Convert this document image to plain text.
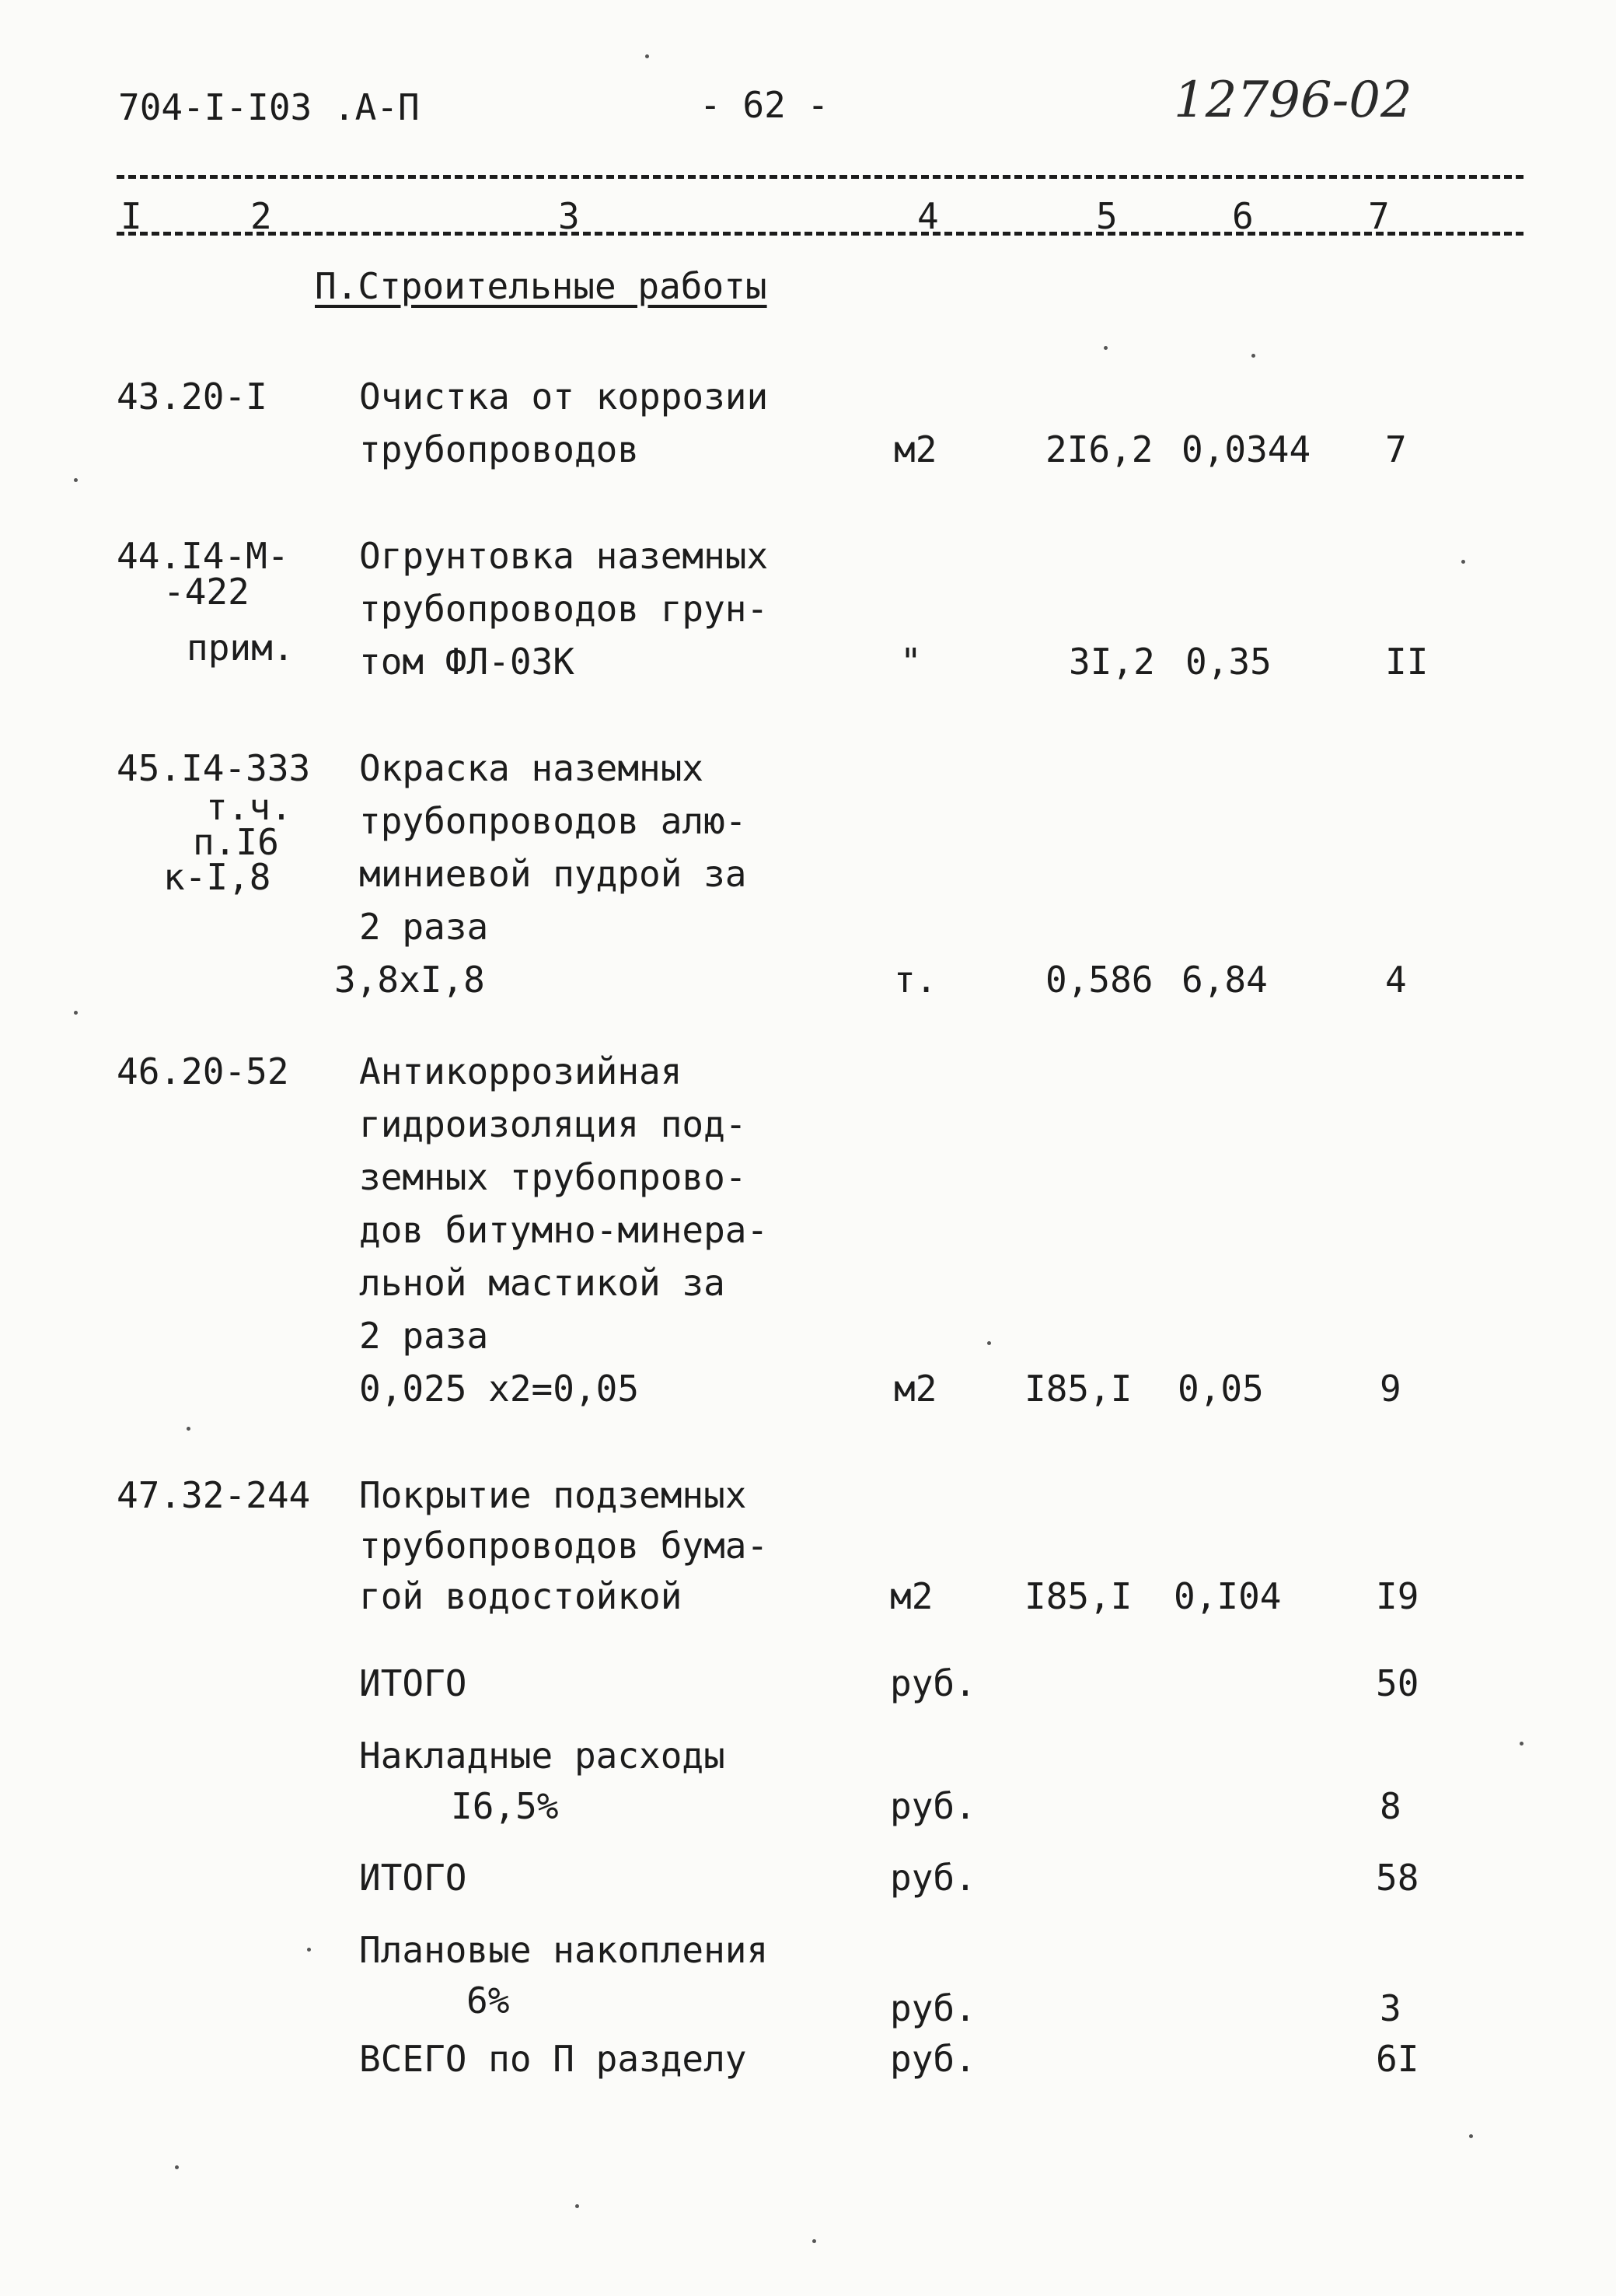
704-I-I03 .А-П	- 62 -	12796-02
I	2	3	4	5	6	7
П.Строительные работы
43.20-I	Очистка от коррозии
трубопроводов	м2	2I6,2 0,0344 7
44.I4-М-
-422
прим.
Огрунтовка наземных
трубопроводов грун-
том ФЛ-03К	"	3I,2 0,35	II
45.I4-333
т.ч.
п.I6
к-I,8
Окраска наземных
трубопроводов алю-
миниевой пудрой за
2 раза
3,8хI,8	т.	0,586 6,84	4
46.20-52 Антикоррозийная
гидроизоляция под-
земных трубопрово-
дов битумно-минера-
льной мастикой за
2 раза
0,025 х2=0,05	м2 I85,I 0,05	9
47.32-244 Покрытие подземных
трубопроводов бума-
гой водостойкой	м2	I85,I 0,I04	I9
ИТОГО	руб.	50
Накладные расходы
I6,5%	руб.	8
ИТОГО	руб.	58
Плановые накопления
6%	руб.	3
ВСЕГО по П разделу	руб.	6I
